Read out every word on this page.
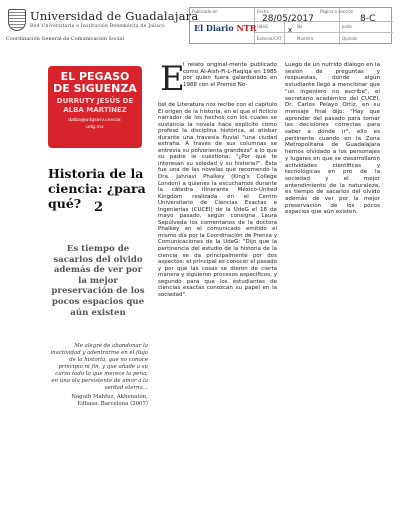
Universidad de Guadalajara
Red Universitaria e Institución Benemérita de Jalisco
Coordinación General de Comunicación Social
Publicado en	Fecha	Página o sección
El Diario NTR
28/05/2017	8-C
UdeG	x No	Justo
Externa/CAT	Muestra	Opinión
EL PEGASO
DE SIGUENZA
DURRUTY JESÚS DE
ALBA MARTÍNEZ
dalba@udgserv.cencar.
udg.mx
Historia de la ciencia: ¿para qué? 2
Es tiempo de sacarlos del olvido además de ver por la mejor preservación de los pocos espacios que aún existen
Me alegré de abandonar la inactividad y adentrarme en el flujo de la historia, que no conoce principio ni fin, y que añade a su curso todo lo que merece la pena, en una ola persistente de amor a la verdad eterna...
Naguib Mahfuz, Akhenatón, Edhasa, Barcelona (2007)
E
l relato original-mente publicado como Al-Aish-Fi-L-Haqiqa en 1985 por quien fuera galardonado en 1988 con el Premio No-
bel de Literatura nos recibe con el capítulo El origen de la historia, en el que el ficticio narrador de los hechos con los cuales se sustancia la novela hace explícito como profesó la disciplina histórica, al atisbar durante una travesía fluvial "una ciudad extraña. A través de sus columnas se entrevía su polvorienta grandeza" a lo que su padre le cuestiona: "¿Por qué te interesan su soledad y su historia?". Ésta fue una de las novelas que recomendó la Dra. Jahnavi Phalkey (King's College London) a quienes la escuchamos durante la cátedra itinerante México-United Kingdom realizada en el Centro Universitario de Ciencias Exactas e Ingenierías (CUCEI) de la UdeG el 18 de mayo pasado, según consigna Laura Sepúlveda los comentarios de la doctora Phalkey en el comunicado emitido el mismo día por la Coordinación de Prensa y Comunicaciones de la UdeG: "Dijo que la pertinencia del estudio de la historia de la ciencia se da principalmente por dos aspectos: el principal es conocer el pasado y por qué las cosas se dieron de cierta manera y siguieron procesos específicos, y segundo para que los estudiantes de ciencias exactas conozcan su papel en la sociedad".
Luego de un nutrido diálogo en la sesión de preguntas y respuestas, donde algún estudiante llegó a mencionar que "un ingeniero no escribe", el secretario académico del CUCEI, Dr. Carlos Pelayo Ortiz, en su mensaje final dijo: "Hay que aprender del pasado para tomar las decisiones correctas para saber a dónde ir", ello es pertinente cuando en la Zona Metropolitana de Guadalajara hemos olvidado a los personajes y lugares en que se desarrollaron actividades científicas y tecnológicas en pro de la sociedad y el mejor entendimiento de la naturaleza, es tiempo de sacarlos del olvido además de ver por la mejor preservación de los pocos espacios que aún existen.
